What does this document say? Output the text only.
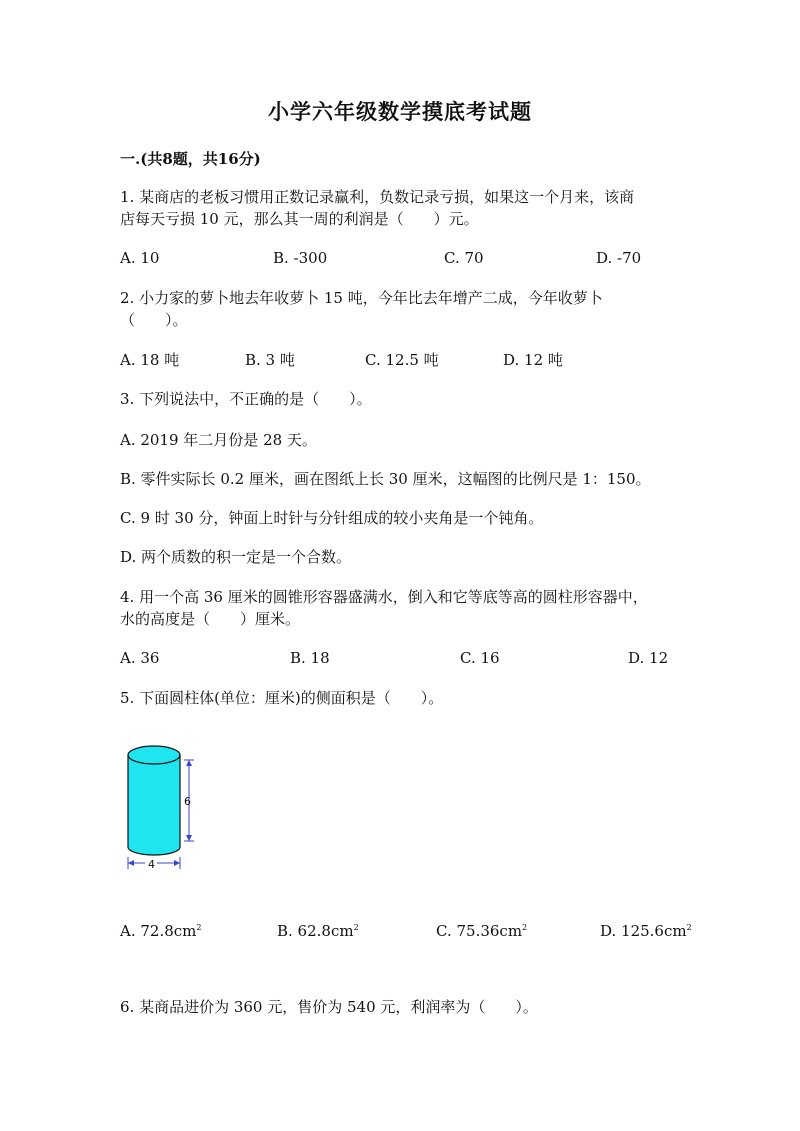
小学六年级数学摸底考试题
一.(共8题，共16分)
1. 某商店的老板习惯用正数记录赢利，负数记录亏损，如果这一个月来，该商
店每天亏损 10 元，那么其一周的利润是（　　）元。
A. 10	B. -300	C. 70	D. -70
2. 小力家的萝卜地去年收萝卜 15 吨，今年比去年增产二成，今年收萝卜
（　　）。
A. 18 吨	B. 3 吨	C. 12.5 吨	D. 12 吨
3. 下列说法中，不正确的是（　　）。
A. 2019 年二月份是 28 天。
B. 零件实际长 0.2 厘米，画在图纸上长 30 厘米，这幅图的比例尺是 1：150。
C. 9 时 30 分，钟面上时针与分针组成的较小夹角是一个钝角。
D. 两个质数的积一定是一个合数。
4. 用一个高 36 厘米的圆锥形容器盛满水，倒入和它等底等高的圆柱形容器中，
水的高度是（　　）厘米。
A. 36	B. 18	C. 16	D. 12
5. 下面圆柱体(单位：厘米)的侧面积是（　　）。
6
4
A. $72.8cm^2$	B. $62.8cm^2$	C. $75.36cm^2$	D. $125.6cm^2$
6. 某商品进价为 360 元，售价为 540 元，利润率为（　　）。
